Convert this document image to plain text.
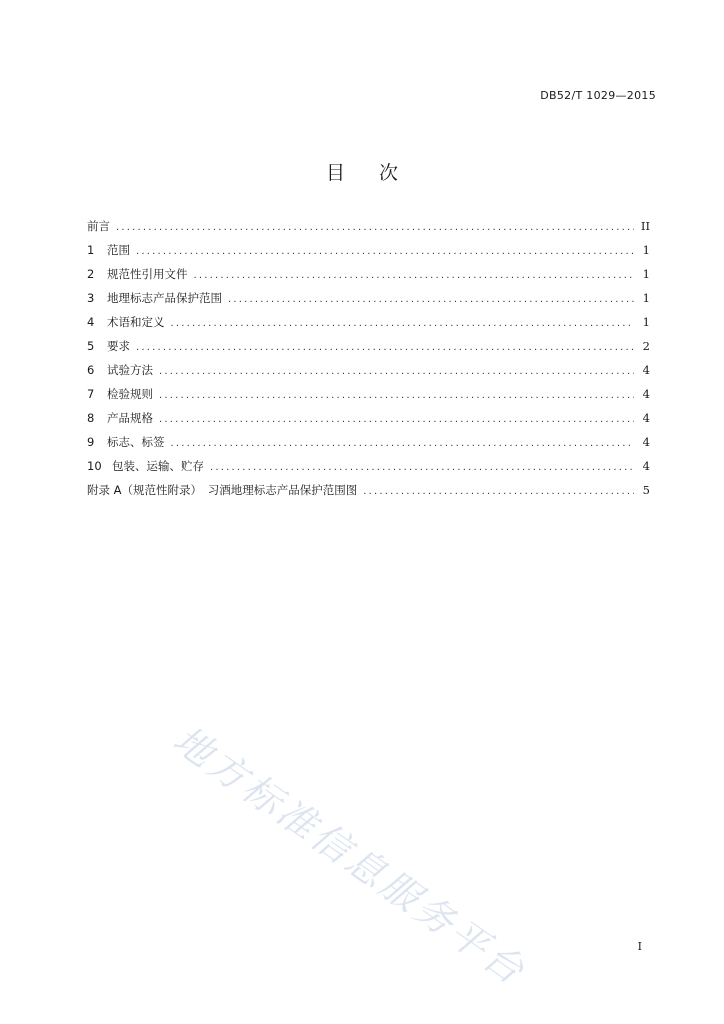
DB52/T 1029—2015
目 次
前言 .....	II
1	范围 .....	1
2	规范性引用文件 .....	1
3	地理标志产品保护范围 .....	1
4	术语和定义 .....	1
5	要求 .....	2
6	试验方法 .....	4
7	检验规则 .....	4
8	产品规格 .....	4
9	标志、标签 .....	4
10 包装、运输、贮存 .....	4
附录 A（规范性附录）　习酒地理标志产品保护范围图 .....	5
地方标准信息服务平台	I
